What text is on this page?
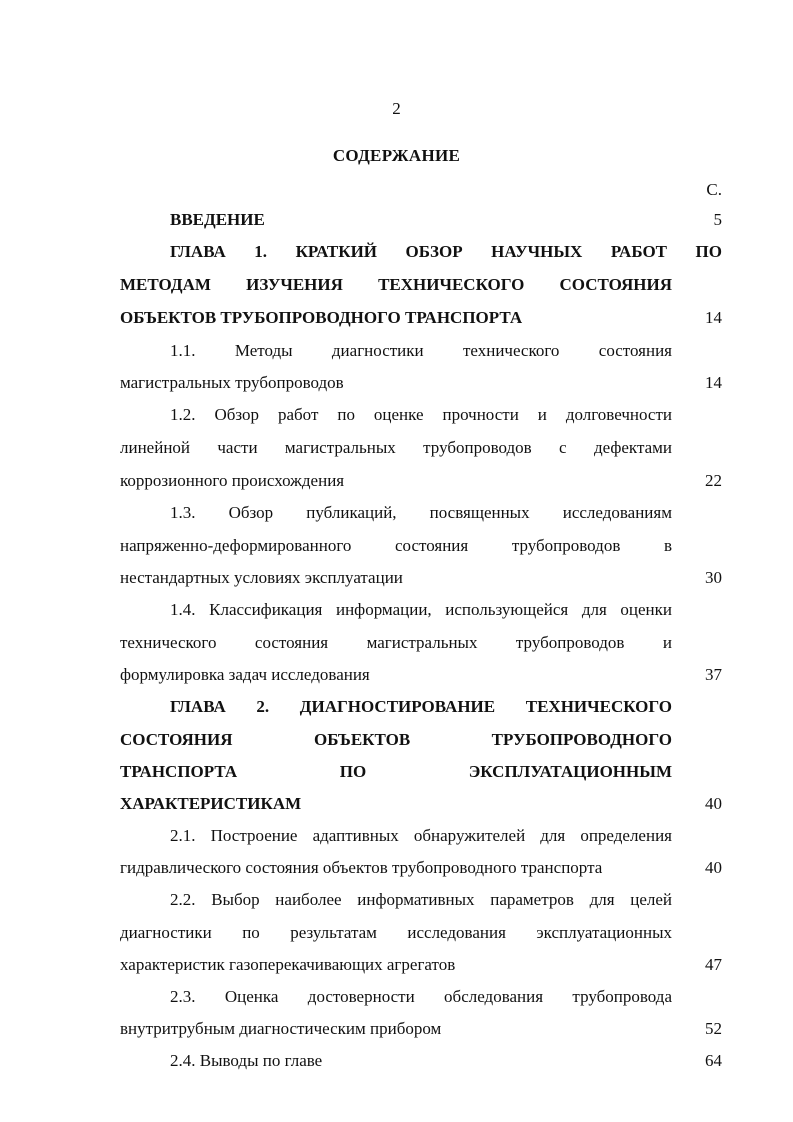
2
СОДЕРЖАНИЕ
С.
ВВЕДЕНИЕ	5
ГЛАВА 1. КРАТКИЙ ОБЗОР НАУЧНЫХ РАБОТ ПО
МЕТОДАМ ИЗУЧЕНИЯ ТЕХНИЧЕСКОГО СОСТОЯНИЯ
ОБЪЕКТОВ ТРУБОПРОВОДНОГО ТРАНСПОРТА	14
1.1. Методы диагностики технического состояния
магистральных трубопроводов	14
1.2. Обзор работ по оценке прочности и долговечности
линейной части магистральных трубопроводов с дефектами
коррозионного происхождения	22
1.3. Обзор публикаций, посвященных исследованиям
напряженно-деформированного состояния трубопроводов в
нестандартных условиях эксплуатации	30
1.4. Классификация информации, использующейся для оценки
технического состояния магистральных трубопроводов и
формулировка задач исследования	37
ГЛАВА 2. ДИАГНОСТИРОВАНИЕ ТЕХНИЧЕСКОГО
СОСТОЯНИЯ ОБЪЕКТОВ ТРУБОПРОВОДНОГО
ТРАНСПОРТА ПО ЭКСПЛУАТАЦИОННЫМ
ХАРАКТЕРИСТИКАМ	40
2.1. Построение адаптивных обнаружителей для определения
гидравлического состояния объектов трубопроводного транспорта	40
2.2. Выбор наиболее информативных параметров для целей
диагностики по результатам исследования эксплуатационных
характеристик газоперекачивающих агрегатов	47
2.3. Оценка достоверности обследования трубопровода
внутритрубным диагностическим прибором	52
2.4. Выводы по главе	64
